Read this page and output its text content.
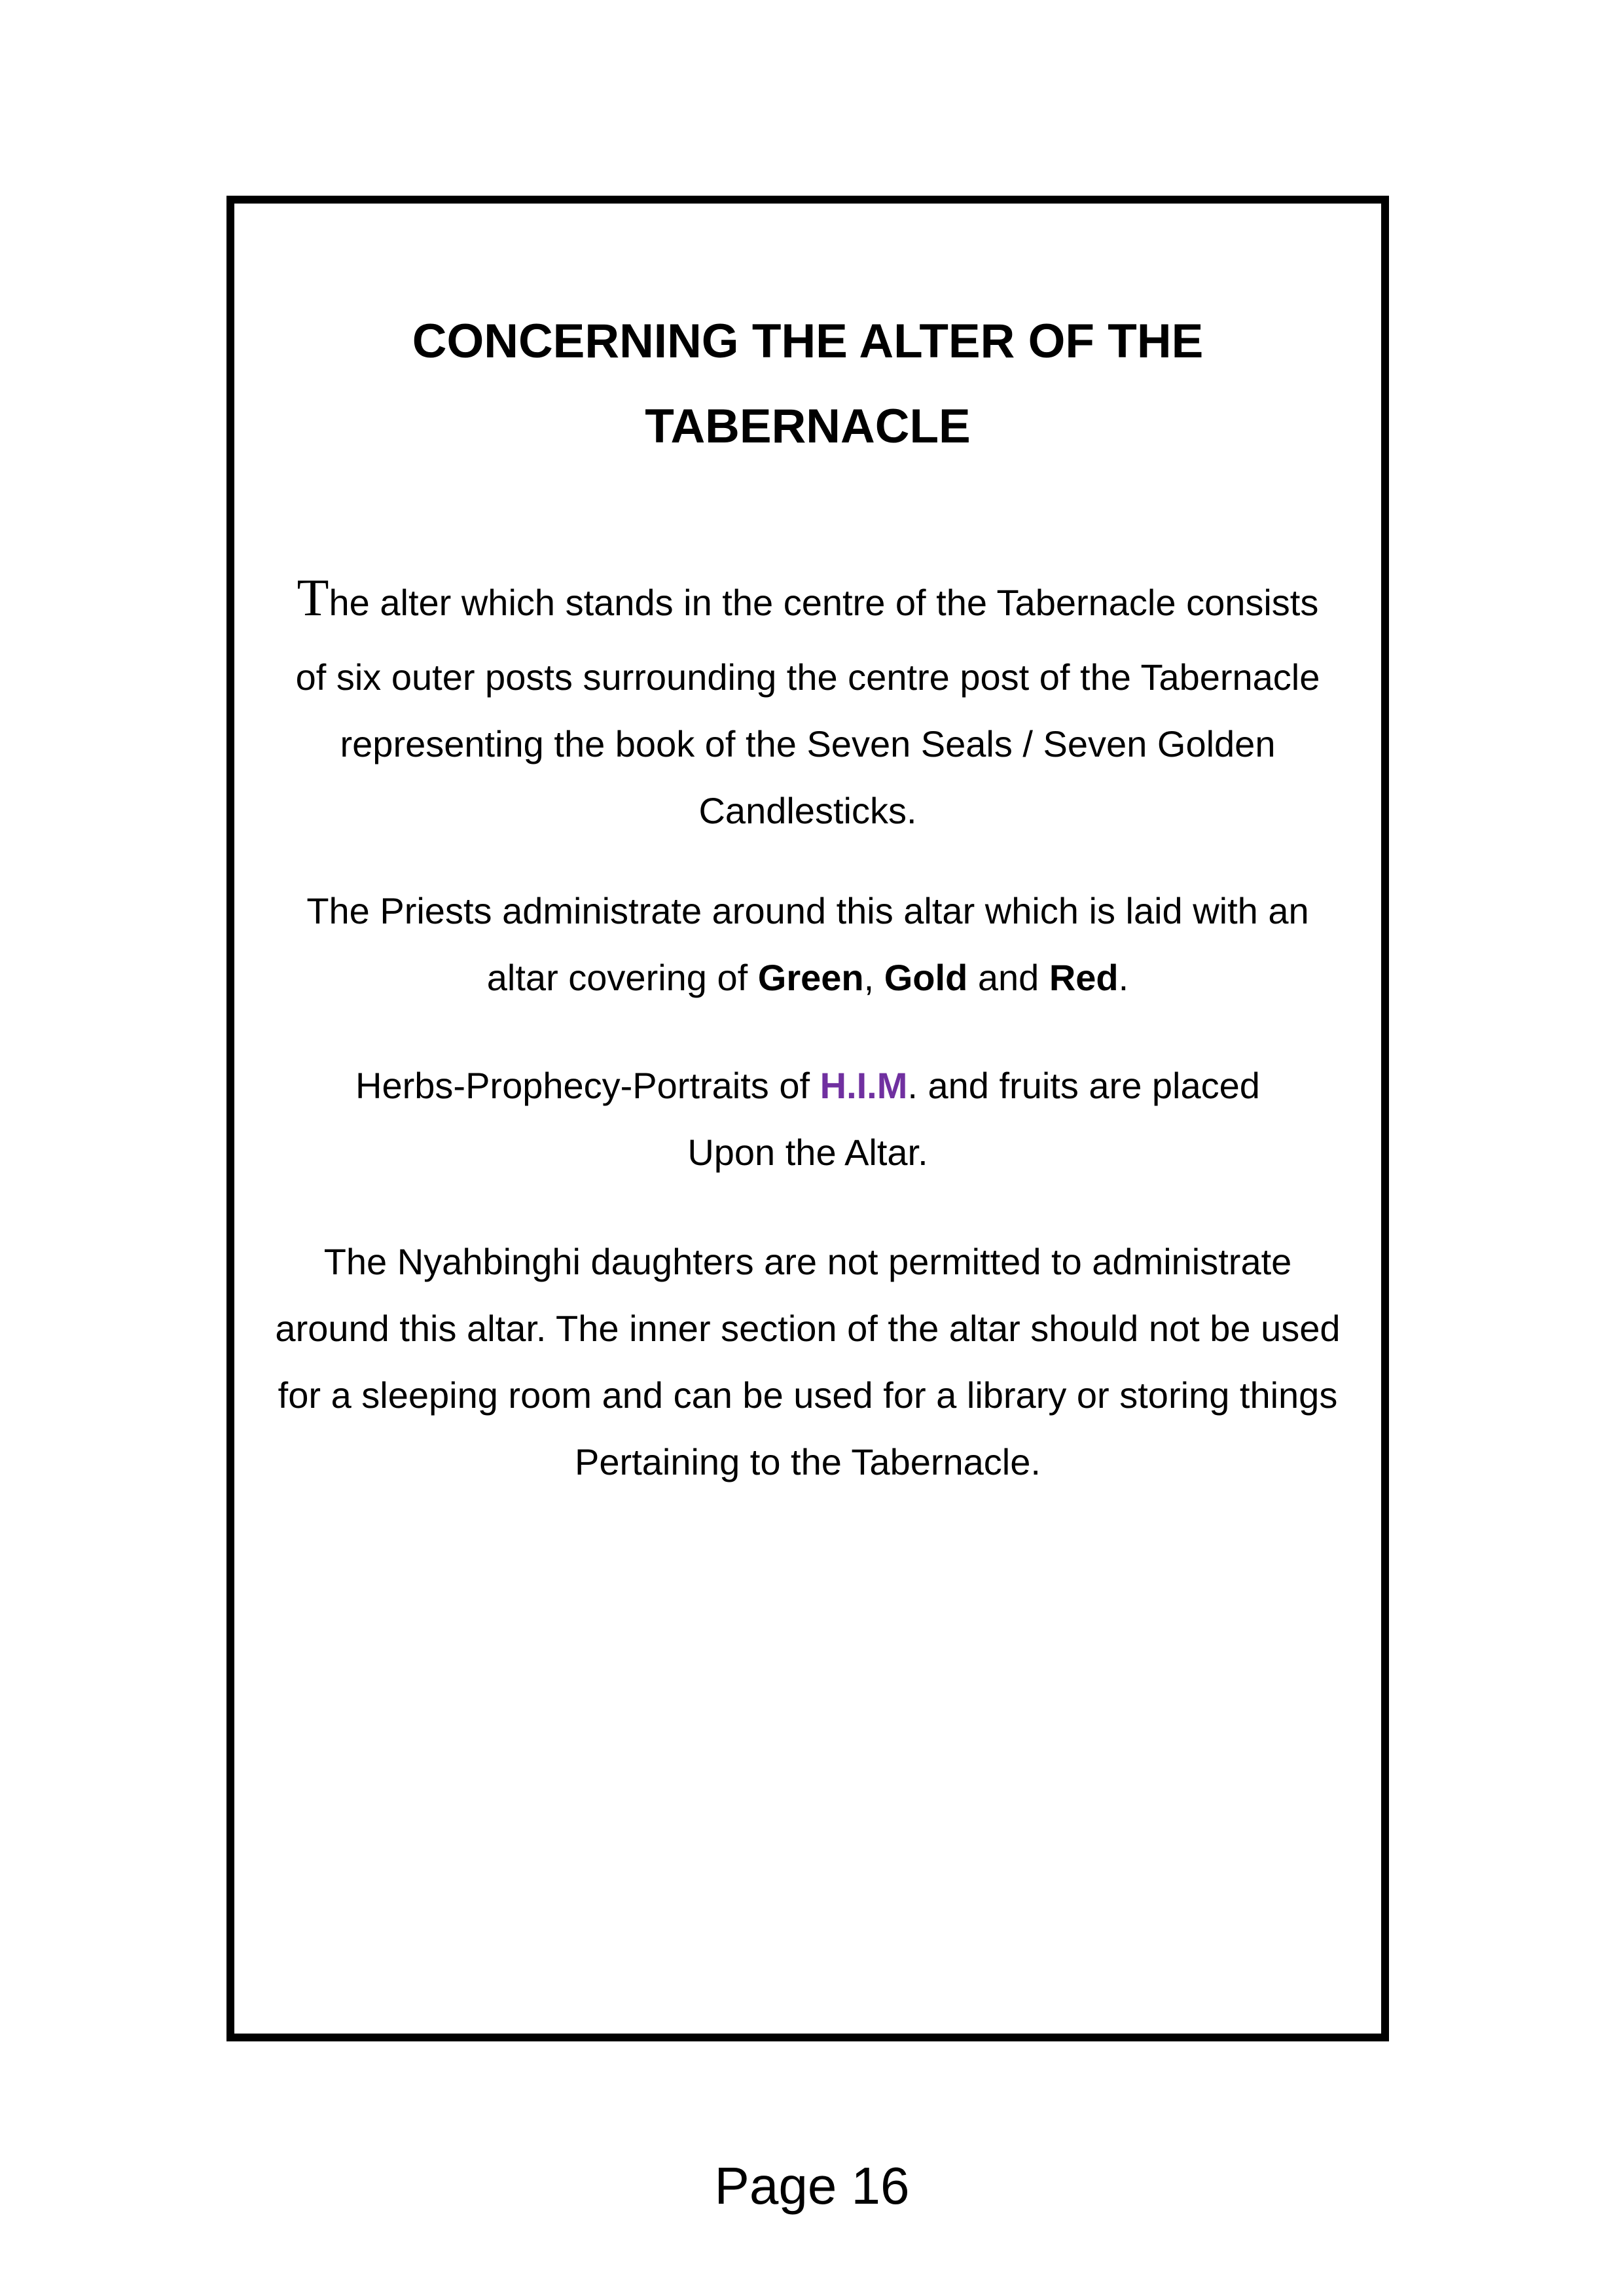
CONCERNING THE ALTER OF THE
TABERNACLE

The alter which stands in the centre of the Tabernacle consists
of six outer posts surrounding the centre post of the Tabernacle
representing the book of the Seven Seals / Seven Golden
Candlesticks.

The Priests administrate around this altar which is laid with an
altar covering of Green, Gold and Red.

Herbs-Prophecy-Portraits of H.I.M. and fruits are placed
Upon the Altar.

The Nyahbinghi daughters are not permitted to administrate
around this altar. The inner section of the altar should not be used
for a sleeping room and can be used for a library or storing things
Pertaining to the Tabernacle.

Page 16
